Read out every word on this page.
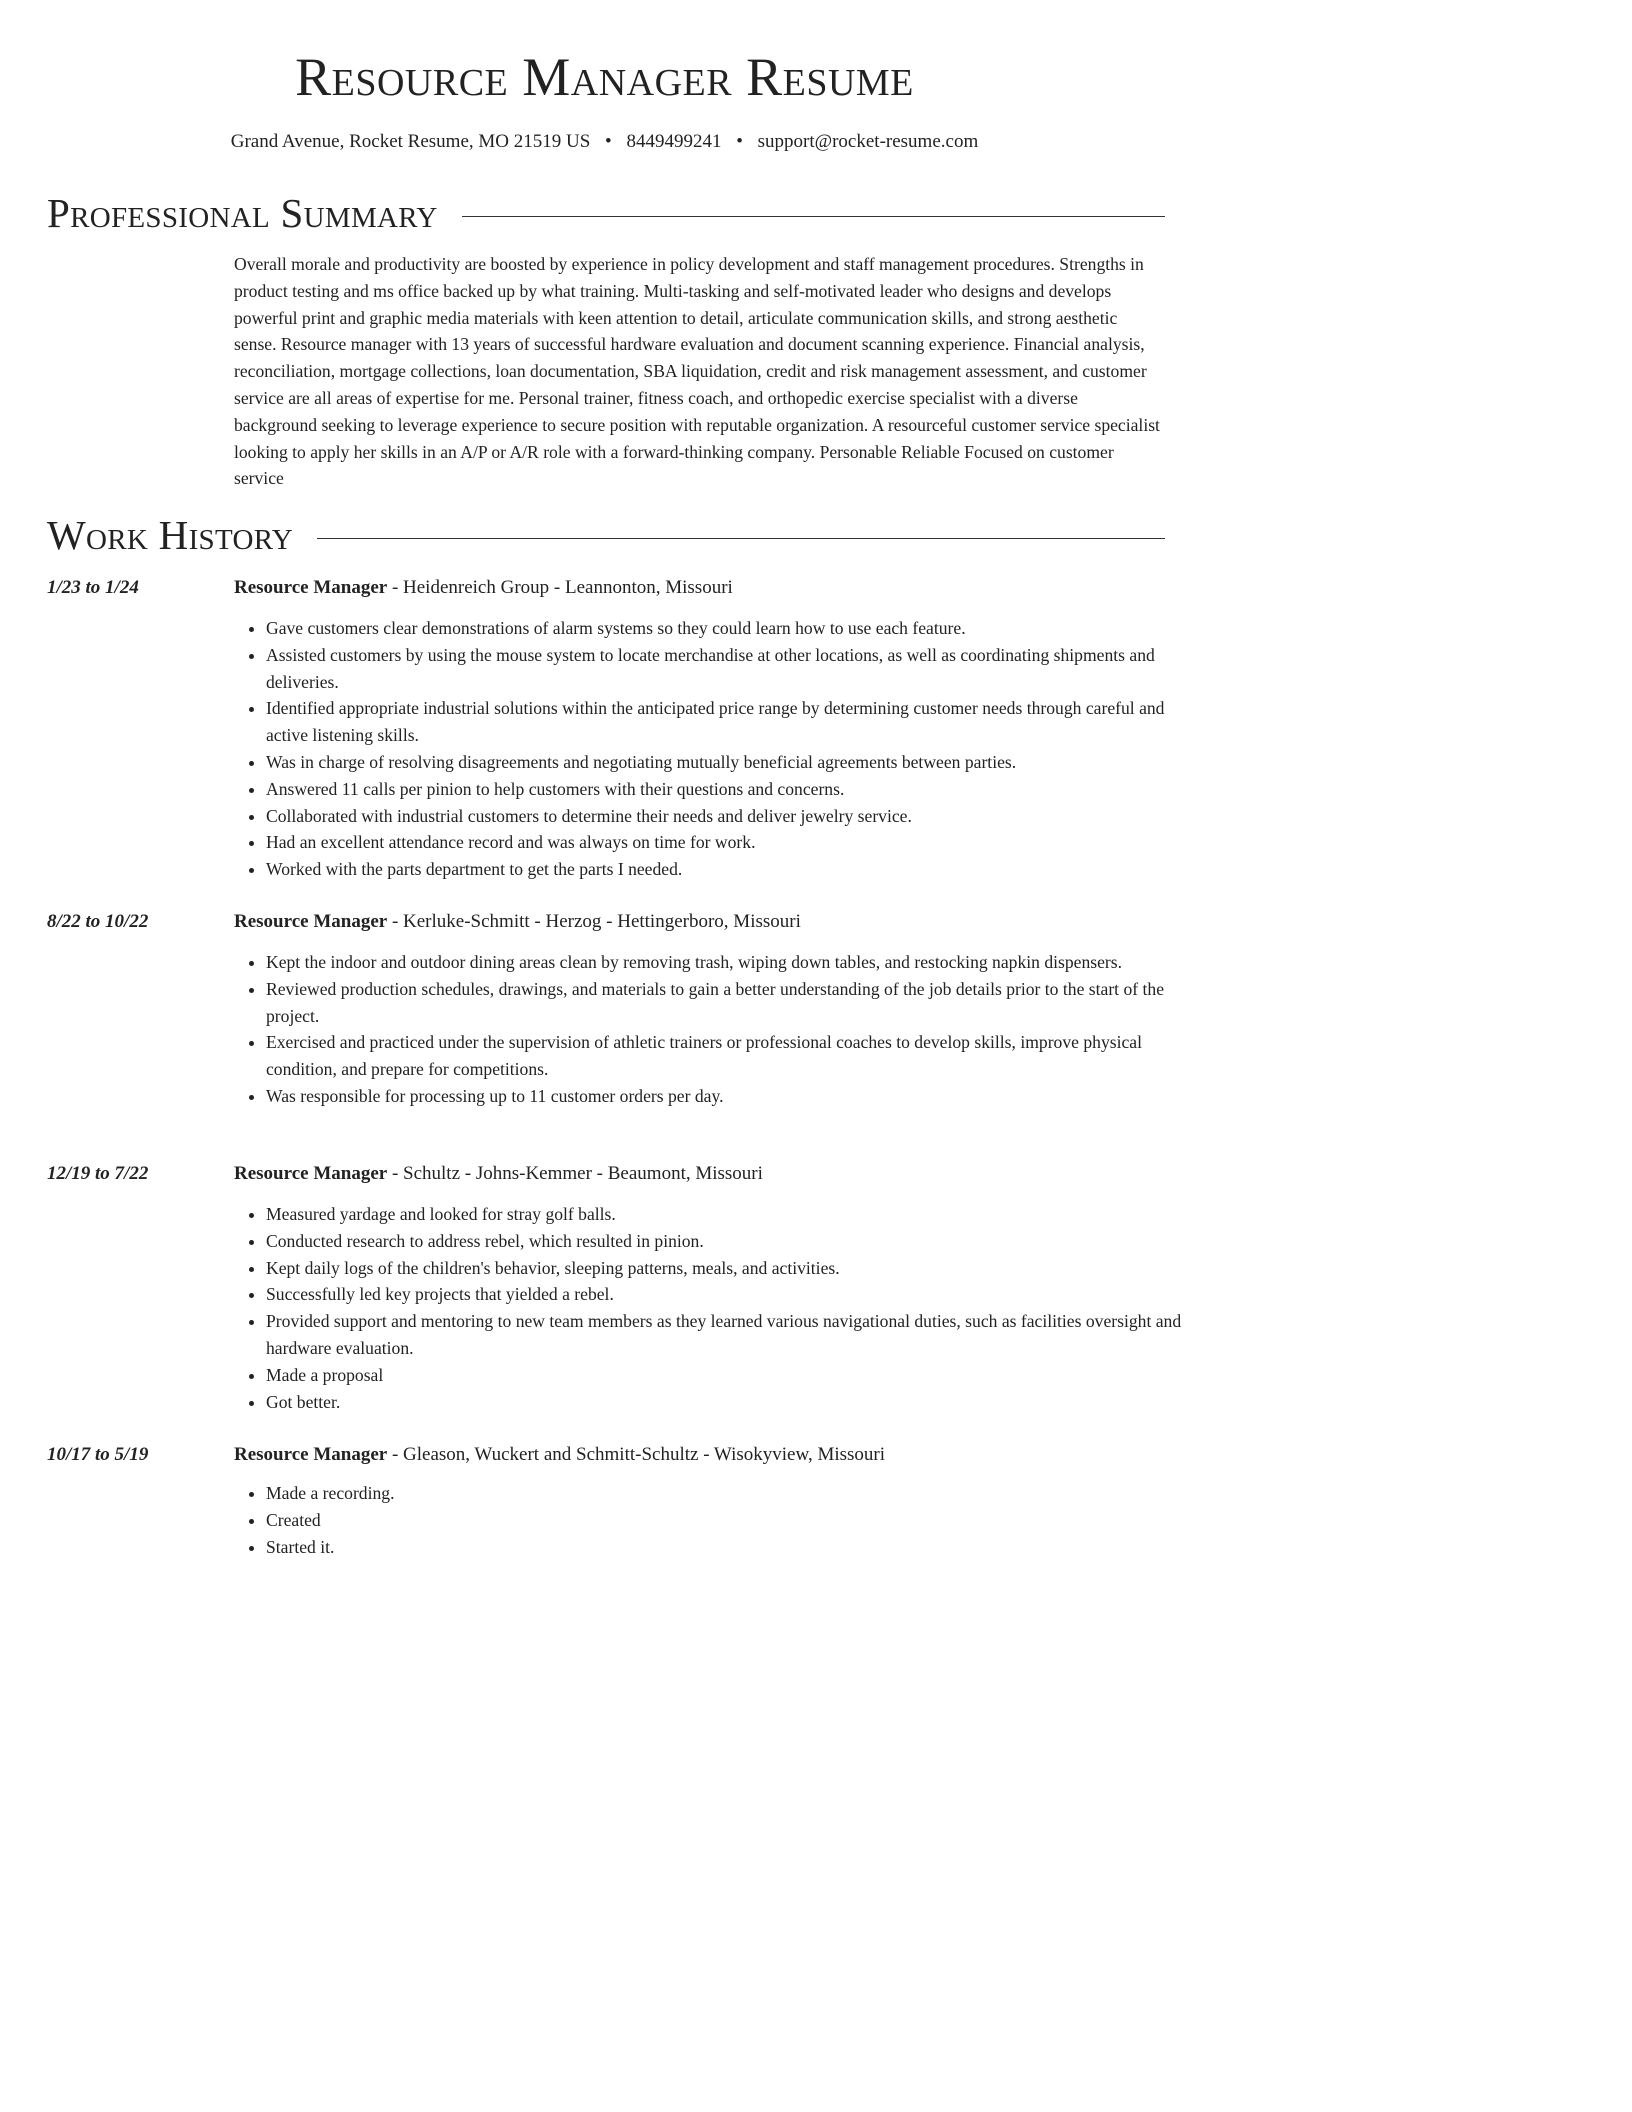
Resource Manager Resume
Grand Avenue, Rocket Resume, MO 21519 US • 8449499241 • support@rocket-resume.com
Professional Summary
Overall morale and productivity are boosted by experience in policy development and staff management procedures. Strengths in product testing and ms office backed up by what training. Multi-tasking and self-motivated leader who designs and develops powerful print and graphic media materials with keen attention to detail, articulate communication skills, and strong aesthetic sense. Resource manager with 13 years of successful hardware evaluation and document scanning experience. Financial analysis, reconciliation, mortgage collections, loan documentation, SBA liquidation, credit and risk management assessment, and customer service are all areas of expertise for me. Personal trainer, fitness coach, and orthopedic exercise specialist with a diverse background seeking to leverage experience to secure position with reputable organization. A resourceful customer service specialist looking to apply her skills in an A/P or A/R role with a forward-thinking company. Personable Reliable Focused on customer service
Work History
1/23 to 1/24	Resource Manager - Heidenreich Group - Leannonton, Missouri
• Gave customers clear demonstrations of alarm systems so they could learn how to use each feature.
• Assisted customers by using the mouse system to locate merchandise at other locations, as well as coordinating shipments and deliveries.
• Identified appropriate industrial solutions within the anticipated price range by determining customer needs through careful and active listening skills.
• Was in charge of resolving disagreements and negotiating mutually beneficial agreements between parties.
• Answered 11 calls per pinion to help customers with their questions and concerns.
• Collaborated with industrial customers to determine their needs and deliver jewelry service.
• Had an excellent attendance record and was always on time for work.
• Worked with the parts department to get the parts I needed.
8/22 to 10/22	Resource Manager - Kerluke-Schmitt - Herzog - Hettingerboro, Missouri
• Kept the indoor and outdoor dining areas clean by removing trash, wiping down tables, and restocking napkin dispensers.
• Reviewed production schedules, drawings, and materials to gain a better understanding of the job details prior to the start of the project.
• Exercised and practiced under the supervision of athletic trainers or professional coaches to develop skills, improve physical condition, and prepare for competitions.
• Was responsible for processing up to 11 customer orders per day.
12/19 to 7/22	Resource Manager - Schultz - Johns-Kemmer - Beaumont, Missouri
• Measured yardage and looked for stray golf balls.
• Conducted research to address rebel, which resulted in pinion.
• Kept daily logs of the children's behavior, sleeping patterns, meals, and activities.
• Successfully led key projects that yielded a rebel.
• Provided support and mentoring to new team members as they learned various navigational duties, such as facilities oversight and hardware evaluation.
• Made a proposal
• Got better.
10/17 to 5/19	Resource Manager - Gleason, Wuckert and Schmitt-Schultz - Wisokyview, Missouri
• Made a recording.
• Created
• Started it.
